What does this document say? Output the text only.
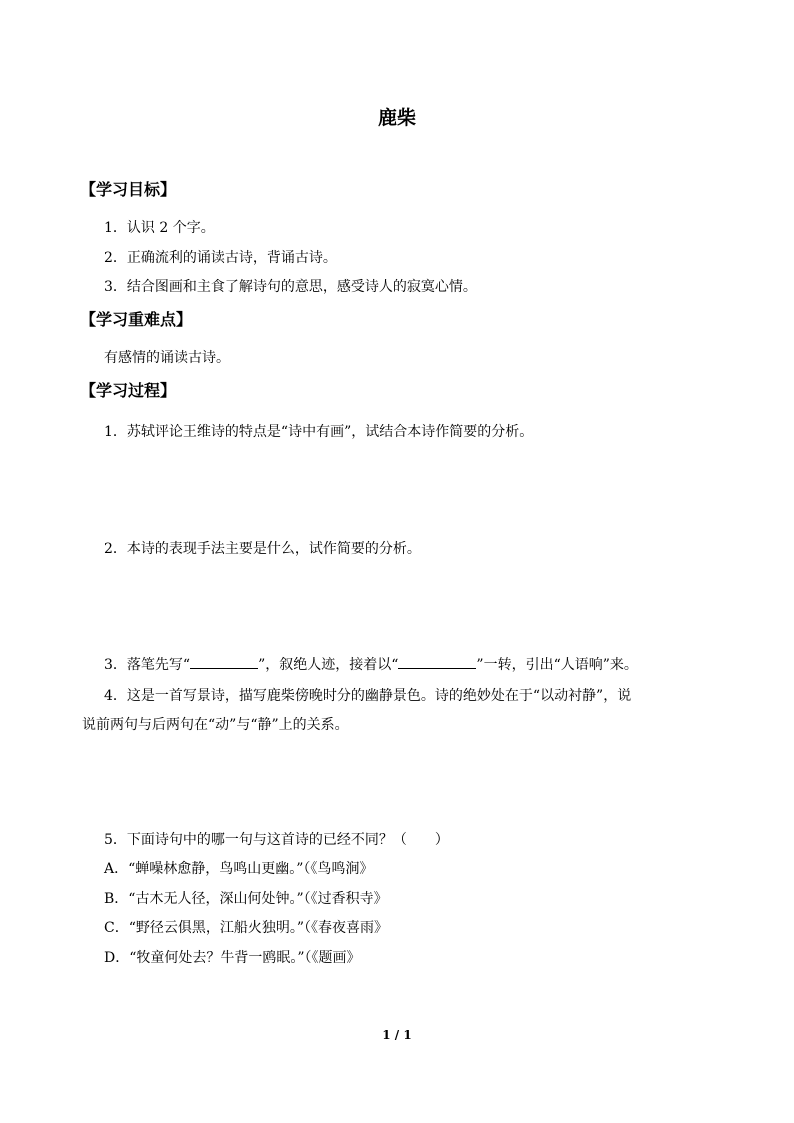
鹿柴
【学习目标】
1．认识 2 个字。
2．正确流利的诵读古诗，背诵古诗。
3．结合图画和主食了解诗句的意思，感受诗人的寂寞心情。
【学习重难点】
有感情的诵读古诗。
【学习过程】
1．苏轼评论王维诗的特点是“诗中有画”，试结合本诗作简要的分析。
2．本诗的表现手法主要是什么，试作简要的分析。
3．落笔先写“	”，叙绝人迹，接着以“	”一转，引出“人语响”来。
4．这是一首写景诗，描写鹿柴傍晚时分的幽静景色。诗的绝妙处在于“以动衬静”，说
说前两句与后两句在“动”与“静”上的关系。
5．下面诗句中的哪一句与这首诗的已经不同？（　　）
A．“蝉噪林愈静，鸟鸣山更幽。”（《鸟鸣涧》
B．“古木无人径，深山何处钟。”（《过香积寺》
C．“野径云俱黑，江船火独明。”（《春夜喜雨》
D．“牧童何处去？牛背一鸥眠。”（《题画》
1 / 1
